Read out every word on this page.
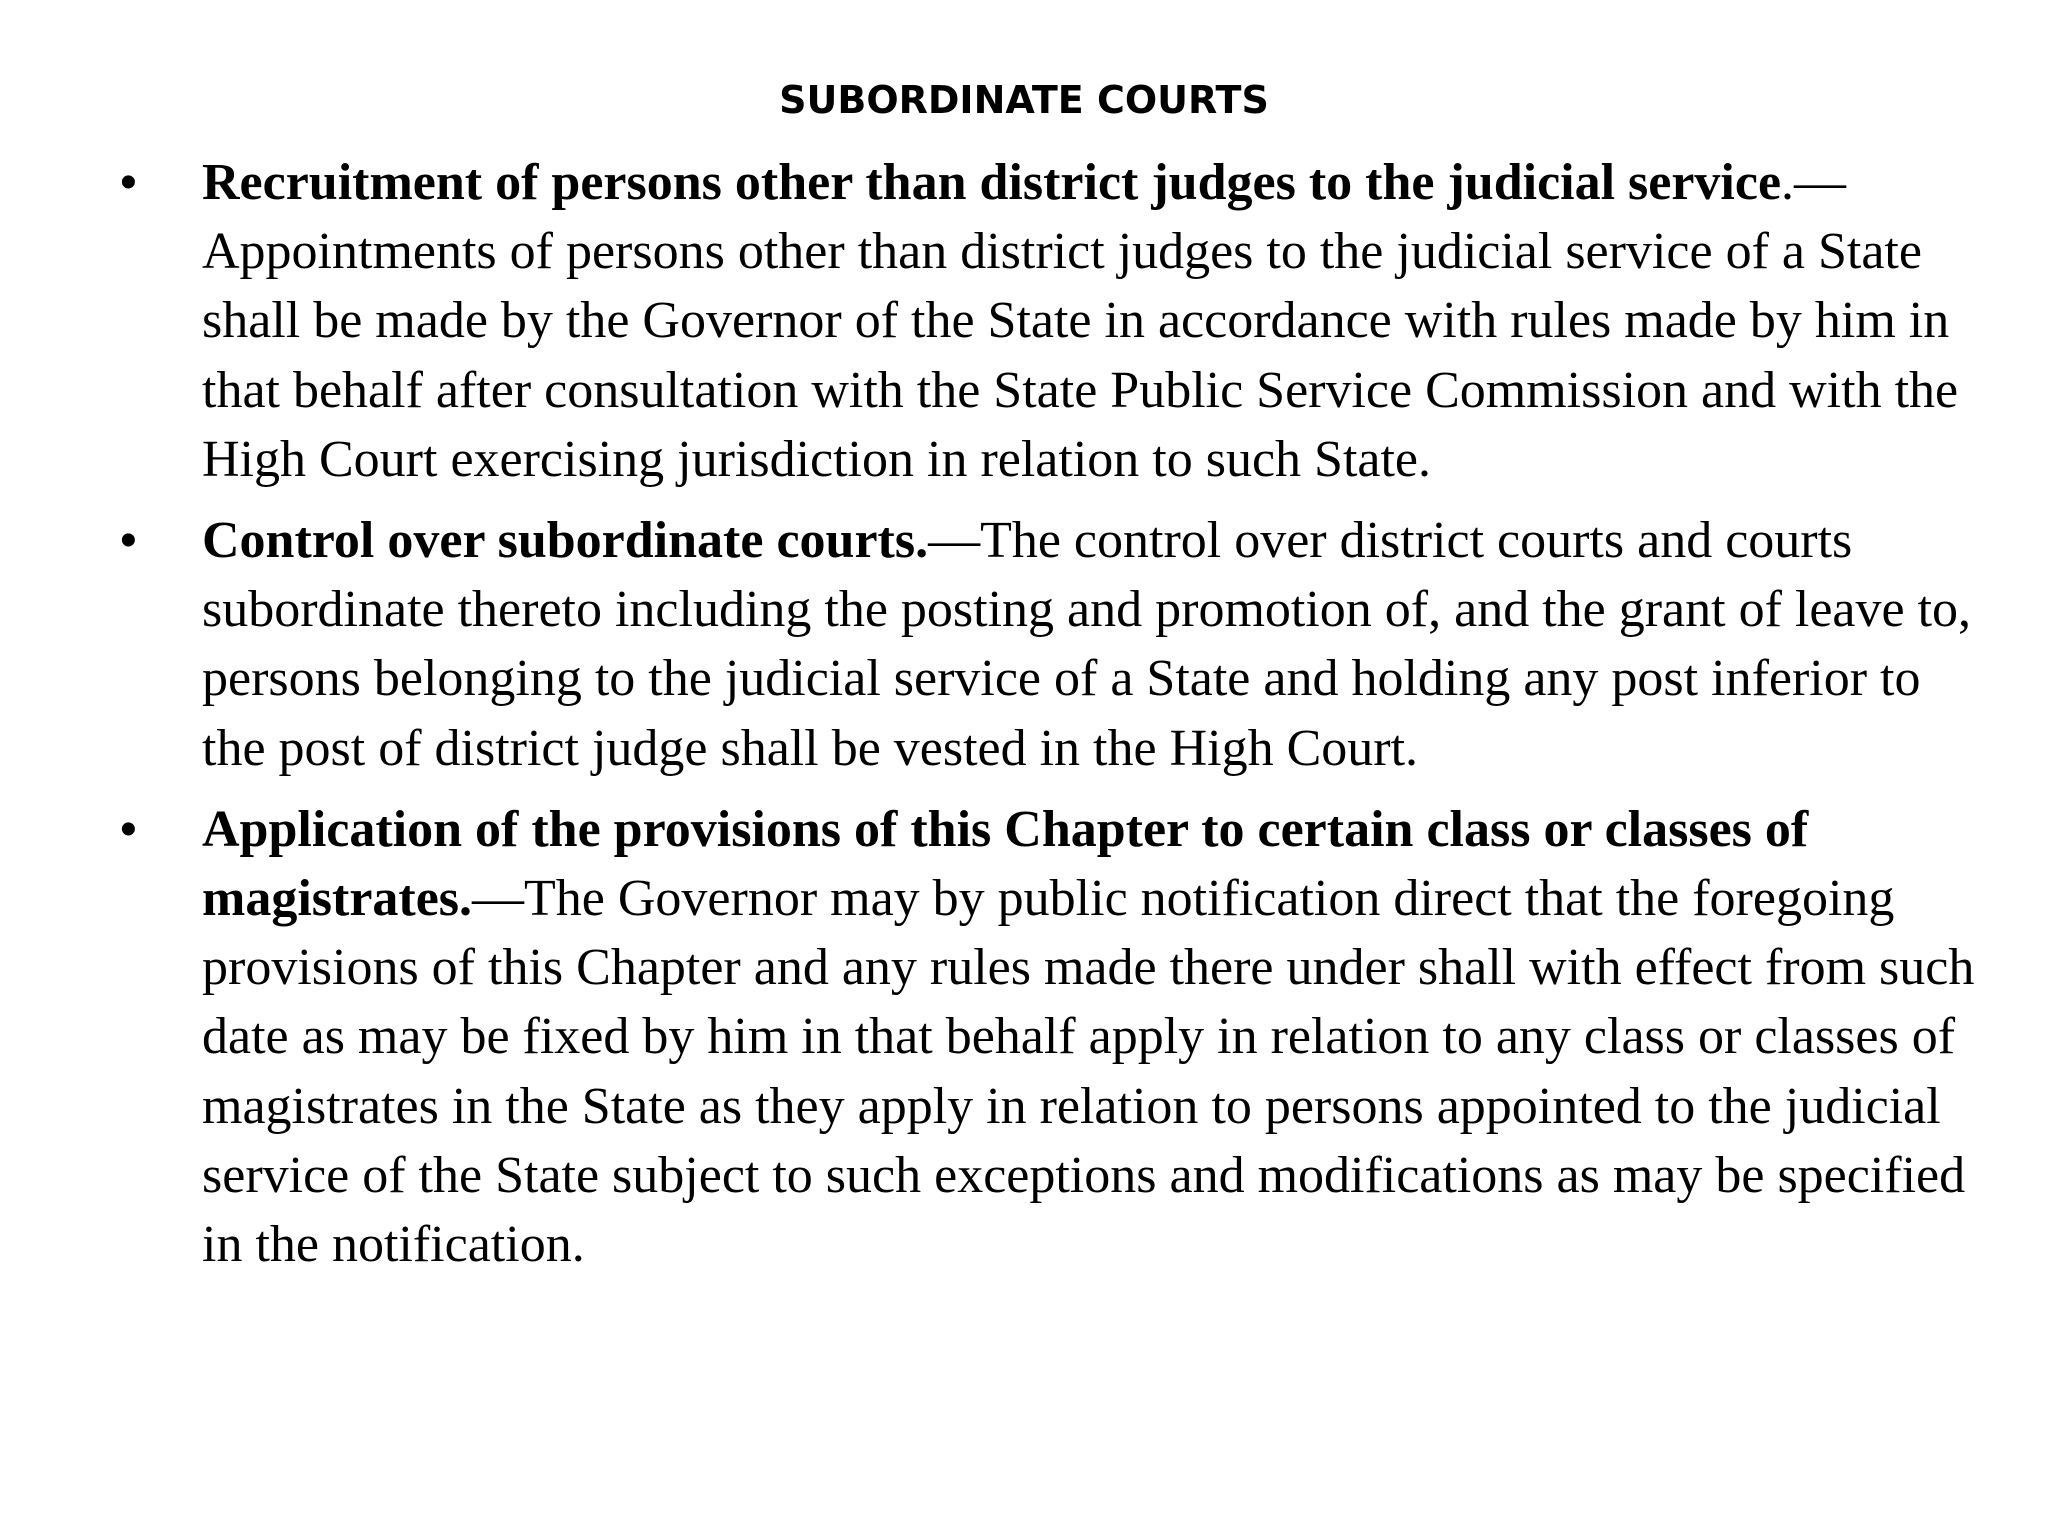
SUBORDINATE COURTS
• Recruitment of persons other than district judges to the judicial service.— Appointments of persons other than district judges to the judicial service of a State shall be made by the Governor of the State in accordance with rules made by him in that behalf after consultation with the State Public Service Commission and with the High Court exercising jurisdiction in relation to such State.
• Control over subordinate courts.—The control over district courts and courts subordinate thereto including the posting and promotion of, and the grant of leave to, persons belonging to the judicial service of a State and holding any post inferior to the post of district judge shall be vested in the High Court.
• Application of the provisions of this Chapter to certain class or classes of magistrates.—The Governor may by public notification direct that the foregoing provisions of this Chapter and any rules made there under shall with effect from such date as may be fixed by him in that behalf apply in relation to any class or classes of magistrates in the State as they apply in relation to persons appointed to the judicial service of the State subject to such exceptions and modifications as may be specified in the notification.
